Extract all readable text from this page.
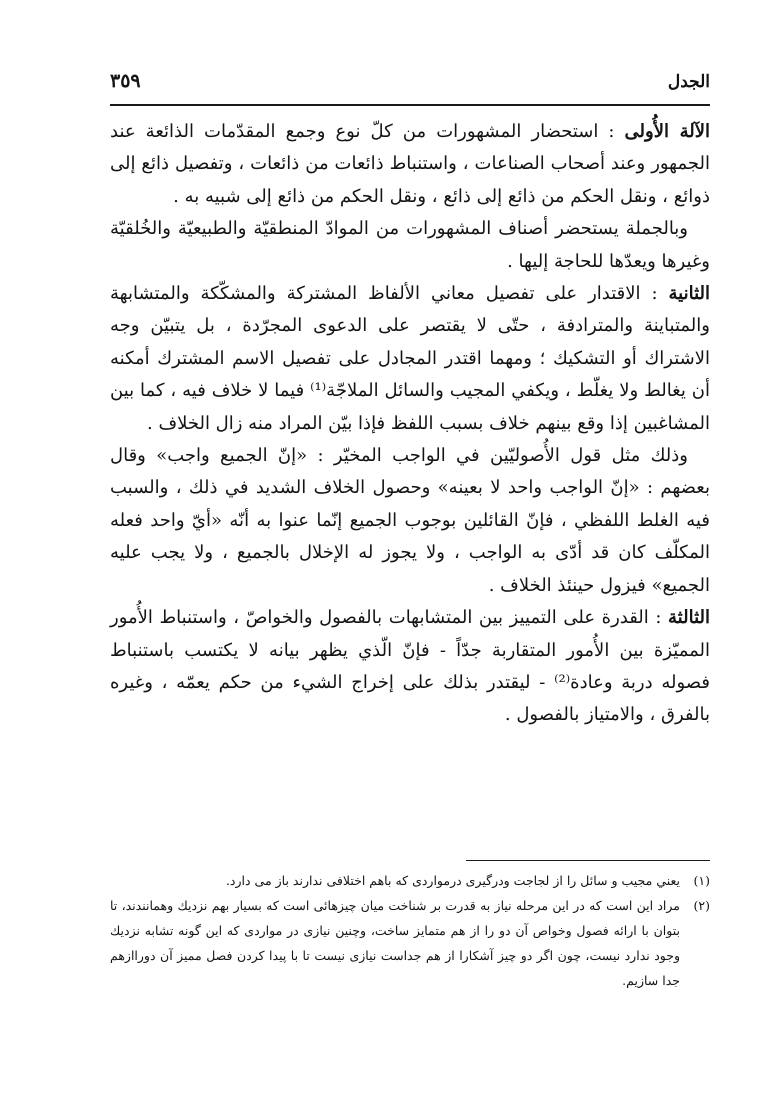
الجدل
٣٥٩

الآلة الأُولى : استحضار المشهورات من كلّ نوع وجمع المقدّمات الذائعة عند الجمهور وعند أصحاب الصناعات ، واستنباط ذائعات من ذائعات ، وتفصيل ذائع إلى ذوائع ، ونقل الحكم من ذائع إلى ذائع ، ونقل الحكم من ذائع إلى شبيه به .

وبالجملة يستحضر أصناف المشهورات من الموادّ المنطقيّة والطبيعيّة والخُلقيّة وغيرها ويعدّها للحاجة إليها .

الثانية : الاقتدار على تفصيل معاني الألفاظ المشتركة والمشكّكة والمتشابهة والمتباينة والمترادفة ، حتّى لا يقتصر على الدعوى المجرّدة ، بل يتبيّن وجه الاشتراك أو التشكيك ؛ ومهما اقتدر المجادل على تفصيل الاسم المشترك أمكنه أن يغالط ولا يغلّط ، ويكفي المجيب والسائل الملاجّة⁽¹⁾ فيما لا خلاف فيه ، كما بين المشاغبين إذا وقع بينهم خلاف بسبب اللفظ فإذا بيّن المراد منه زال الخلاف .

وذلك مثل قول الأُصوليّين في الواجب المخيّر : «إنّ الجميع واجب» وقال بعضهم : «إنّ الواجب واحد لا بعينه» وحصول الخلاف الشديد في ذلك ، والسبب فيه الغلط اللفظي ، فإنّ القائلين بوجوب الجميع إنّما عنوا به أنّه «أيّ واحد فعله المكلّف كان قد أدّى به الواجب ، ولا يجوز له الإخلال بالجميع ، ولا يجب عليه الجميع» فيزول حينئذ الخلاف .

الثالثة : القدرة على التمييز بين المتشابهات بالفصول والخواصّ ، واستنباط الأُمور المميّزة بين الأُمور المتقاربة جدّاً - فإنّ الّذي يظهر بيانه لا يكتسب باستنباط فصوله دربة وعادة⁽²⁾ - ليقتدر بذلك على إخراج الشيء من حكم يعمّه ، وغيره بالفرق ، والامتياز بالفصول .

(١)
يعني مجيب و سائل را از لجاجت ودرگيرى درمواردى كه باهم اختلافى ندارند باز مى دارد.

(٢)
مراد اين است كه در اين مرحله نياز به قدرت بر شناخت ميان چيزهائى است كه بسيار بهم نزديك وهمانندند، تا بتوان با ارائه فصول وخواص آن دو را از هم متمايز ساخت، وچنين نيازى در مواردى كه اين گونه تشابه نزديك وجود ندارد نيست، چون اگر دو چيز آشكارا از هم جداست نيازى نيست تا با پيدا كردن فصل مميز آن دوراازهم جدا سازيم.
